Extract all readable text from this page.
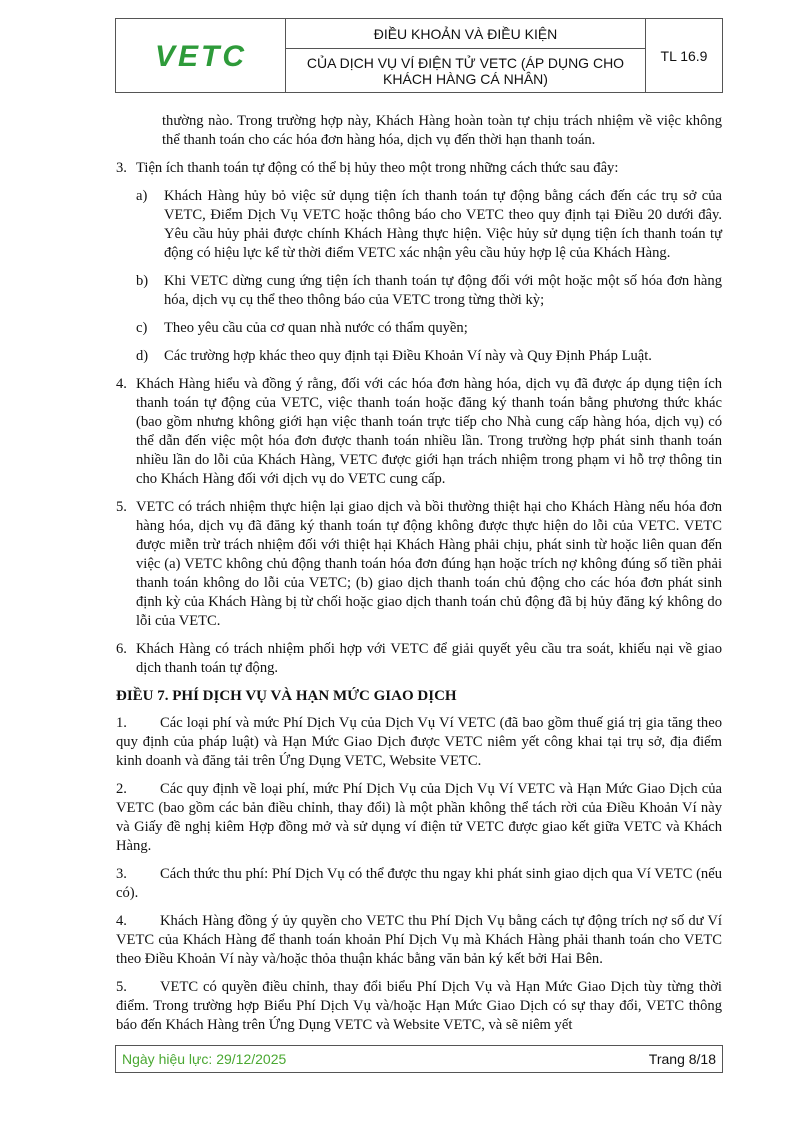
VETC
ĐIỀU KHOẢN VÀ ĐIỀU KIỆN
CỦA DỊCH VỤ VÍ ĐIỆN TỬ VETC (ÁP DỤNG CHO KHÁCH HÀNG CÁ NHÂN)
TL 16.9

thường nào. Trong trường hợp này, Khách Hàng hoàn toàn tự chịu trách nhiệm về việc không thể thanh toán cho các hóa đơn hàng hóa, dịch vụ đến thời hạn thanh toán.

3. Tiện ích thanh toán tự động có thể bị hủy theo một trong những cách thức sau đây:
a)	Khách Hàng hủy bỏ việc sử dụng tiện ích thanh toán tự động bằng cách đến các trụ sở của VETC, Điểm Dịch Vụ VETC hoặc thông báo cho VETC theo quy định tại Điều 20 dưới đây. Yêu cầu hủy phải được chính Khách Hàng thực hiện. Việc hủy sử dụng tiện ích thanh toán tự động có hiệu lực kể từ thời điểm VETC xác nhận yêu cầu hủy hợp lệ của Khách Hàng.
b)	Khi VETC dừng cung ứng tiện ích thanh toán tự động đối với một hoặc một số hóa đơn hàng hóa, dịch vụ cụ thể theo thông báo của VETC trong từng thời kỳ;
c)	Theo yêu cầu của cơ quan nhà nước có thẩm quyền;
d)	Các trường hợp khác theo quy định tại Điều Khoản Ví này và Quy Định Pháp Luật.
4. Khách Hàng hiểu và đồng ý rằng, đối với các hóa đơn hàng hóa, dịch vụ đã được áp dụng tiện ích thanh toán tự động của VETC, việc thanh toán hoặc đăng ký thanh toán bằng phương thức khác (bao gồm nhưng không giới hạn việc thanh toán trực tiếp cho Nhà cung cấp hàng hóa, dịch vụ) có thể dẫn đến việc một hóa đơn được thanh toán nhiều lần. Trong trường hợp phát sinh thanh toán nhiều lần do lỗi của Khách Hàng, VETC được giới hạn trách nhiệm trong phạm vi hỗ trợ thông tin cho Khách Hàng đối với dịch vụ do VETC cung cấp.
5. VETC có trách nhiệm thực hiện lại giao dịch và bồi thường thiệt hại cho Khách Hàng nếu hóa đơn hàng hóa, dịch vụ đã đăng ký thanh toán tự động không được thực hiện do lỗi của VETC. VETC được miễn trừ trách nhiệm đối với thiệt hại Khách Hàng phải chịu, phát sinh từ hoặc liên quan đến việc (a) VETC không chủ động thanh toán hóa đơn đúng hạn hoặc trích nợ không đúng số tiền phải thanh toán không do lỗi của VETC; (b) giao dịch thanh toán chủ động cho các hóa đơn phát sinh định kỳ của Khách Hàng bị từ chối hoặc giao dịch thanh toán chủ động đã bị hủy đăng ký không do lỗi của VETC.
6. Khách Hàng có trách nhiệm phối hợp với VETC để giải quyết yêu cầu tra soát, khiếu nại về giao dịch thanh toán tự động.
ĐIỀU 7. PHÍ DỊCH VỤ VÀ HẠN MỨC GIAO DỊCH

1. Các loại phí và mức Phí Dịch Vụ của Dịch Vụ Ví VETC (đã bao gồm thuế giá trị gia tăng theo quy định của pháp luật) và Hạn Mức Giao Dịch được VETC niêm yết công khai tại trụ sở, địa điểm kinh doanh và đăng tải trên Ứng Dụng VETC, Website VETC.

2. Các quy định về loại phí, mức Phí Dịch Vụ của Dịch Vụ Ví VETC và Hạn Mức Giao Dịch của VETC (bao gồm các bản điều chỉnh, thay đổi) là một phần không thể tách rời của Điều Khoản Ví này và Giấy đề nghị kiêm Hợp đồng mở và sử dụng ví điện tử VETC được giao kết giữa VETC và Khách Hàng.

3. Cách thức thu phí: Phí Dịch Vụ có thể được thu ngay khi phát sinh giao dịch qua Ví VETC (nếu có).

4. Khách Hàng đồng ý ủy quyền cho VETC thu Phí Dịch Vụ bằng cách tự động trích nợ số dư Ví VETC của Khách Hàng để thanh toán khoản Phí Dịch Vụ mà Khách Hàng phải thanh toán cho VETC theo Điều Khoản Ví này và/hoặc thỏa thuận khác bằng văn bản ký kết bởi Hai Bên.

5. VETC có quyền điều chỉnh, thay đổi biểu Phí Dịch Vụ và Hạn Mức Giao Dịch tùy từng thời điểm. Trong trường hợp Biểu Phí Dịch Vụ và/hoặc Hạn Mức Giao Dịch có sự thay đổi, VETC thông báo đến Khách Hàng trên Ứng Dụng VETC và Website VETC, và sẽ niêm yết

Ngày hiệu lực: 29/12/2025	Trang 8/18
